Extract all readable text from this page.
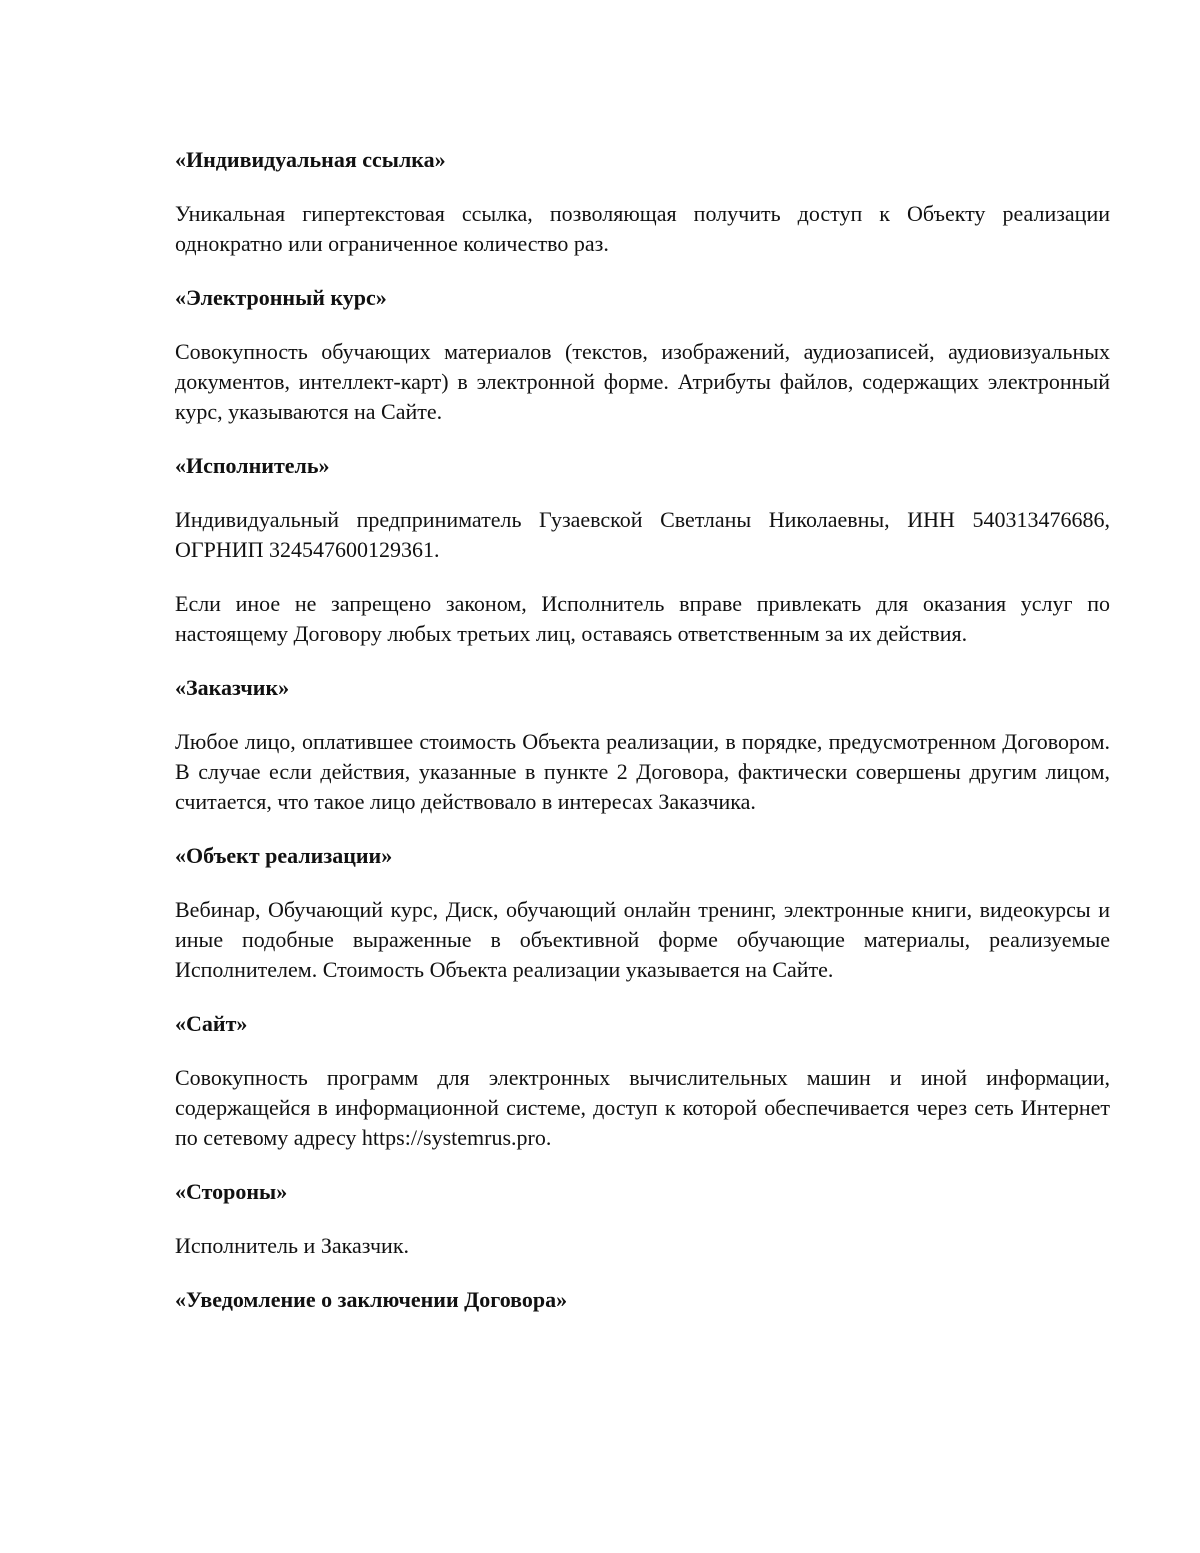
«Индивидуальная ссылка»

Уникальная гипертекстовая ссылка, позволяющая получить доступ к Объекту реализации однократно или ограниченное количество раз.

«Электронный курс»

Совокупность обучающих материалов (текстов, изображений, аудиозаписей, аудиовизуальных документов, интеллект-карт) в электронной форме. Атрибуты файлов, содержащих электронный курс, указываются на Сайте.

«Исполнитель»

Индивидуальный предприниматель Гузаевской Светланы Николаевны, ИНН 540313476686, ОГРНИП 324547600129361.

Если иное не запрещено законом, Исполнитель вправе привлекать для оказания услуг по настоящему Договору любых третьих лиц, оставаясь ответственным за их действия.

«Заказчик»

Любое лицо, оплатившее стоимость Объекта реализации, в порядке, предусмотренном Договором. В случае если действия, указанные в пункте 2 Договора, фактически совершены другим лицом, считается, что такое лицо действовало в интересах Заказчика.

«Объект реализации»

Вебинар, Обучающий курс, Диск, обучающий онлайн тренинг, электронные книги, видеокурсы и иные подобные выраженные в объективной форме обучающие материалы, реализуемые Исполнителем. Стоимость Объекта реализации указывается на Сайте.

«Сайт»

Совокупность программ для электронных вычислительных машин и иной информации, содержащейся в информационной системе, доступ к которой обеспечивается через сеть Интернет по сетевому адресу https://systemrus.pro.

«Стороны»

Исполнитель и Заказчик.

«Уведомление о заключении Договора»
